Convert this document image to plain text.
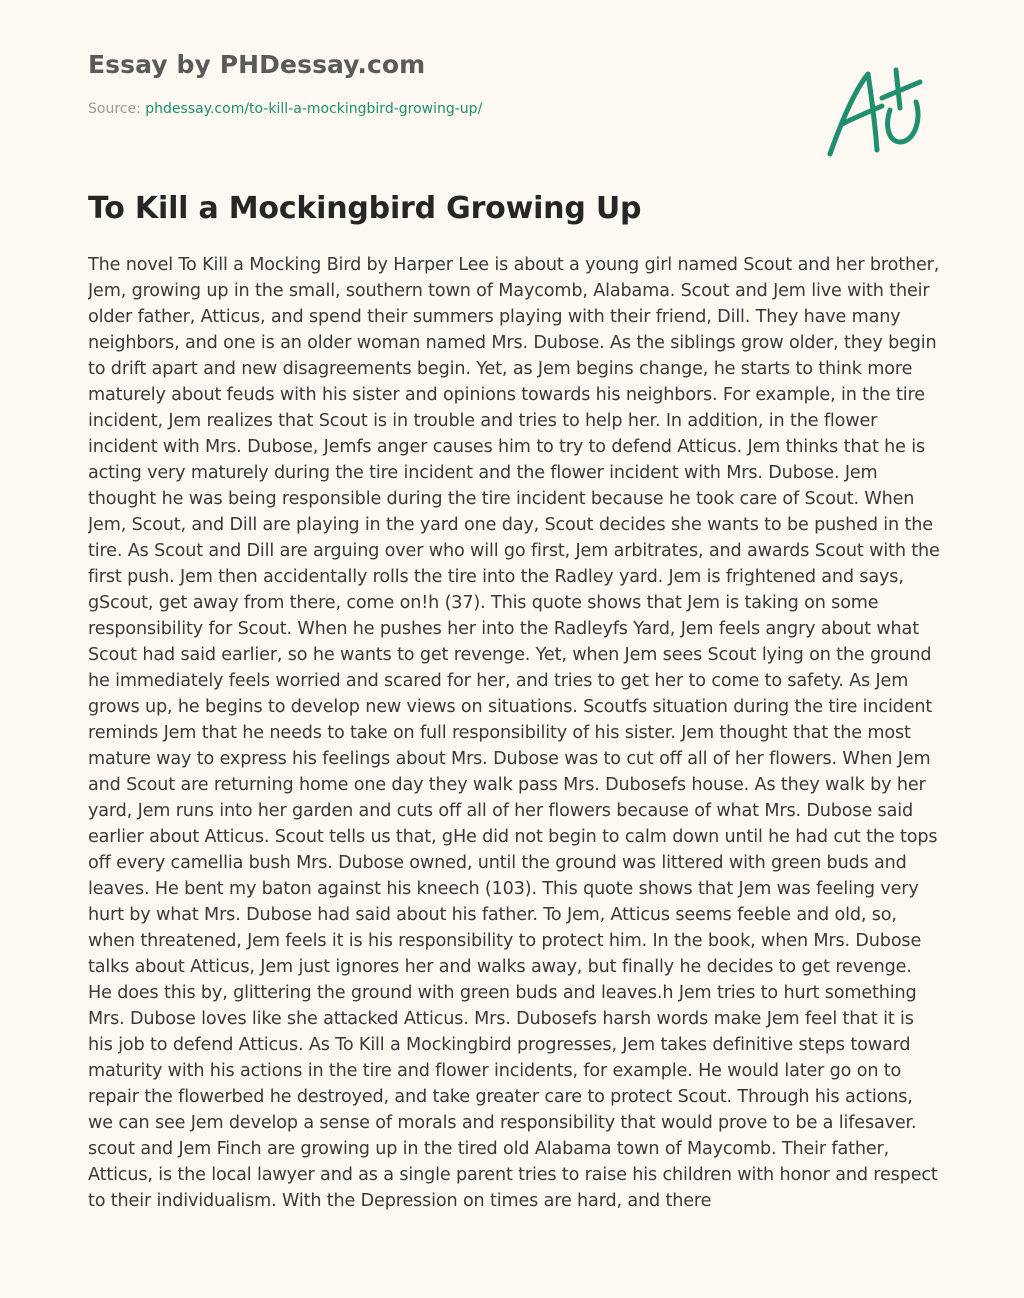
Essay by PHDessay.com
Source: phdessay.com/to-kill-a-mockingbird-growing-up/
To Kill a Mockingbird Growing Up

The novel To Kill a Mocking Bird by Harper Lee is about a young girl named Scout and her brother, Jem, growing up in the small, southern town of Maycomb, Alabama. Scout and Jem live with their older father, Atticus, and spend their summers playing with their friend, Dill. They have many neighbors, and one is an older woman named Mrs. Dubose. As the siblings grow older, they begin to drift apart and new disagreements begin. Yet, as Jem begins change, he starts to think more maturely about feuds with his sister and opinions towards his neighbors. For example, in the tire incident, Jem realizes that Scout is in trouble and tries to help her. In addition, in the flower incident with Mrs. Dubose, Jemfs anger causes him to try to defend Atticus. Jem thinks that he is acting very maturely during the tire incident and the flower incident with Mrs. Dubose. Jem thought he was being responsible during the tire incident because he took care of Scout. When Jem, Scout, and Dill are playing in the yard one day, Scout decides she wants to be pushed in the tire. As Scout and Dill are arguing over who will go first, Jem arbitrates, and awards Scout with the first push. Jem then accidentally rolls the tire into the Radley yard. Jem is frightened and says, gScout, get away from there, come on!h (37). This quote shows that Jem is taking on some responsibility for Scout. When he pushes her into the Radleyfs Yard, Jem feels angry about what Scout had said earlier, so he wants to get revenge. Yet, when Jem sees Scout lying on the ground he immediately feels worried and scared for her, and tries to get her to come to safety. As Jem grows up, he begins to develop new views on situations. Scoutfs situation during the tire incident reminds Jem that he needs to take on full responsibility of his sister. Jem thought that the most mature way to express his feelings about Mrs. Dubose was to cut off all of her flowers. When Jem and Scout are returning home one day they walk pass Mrs. Dubosefs house. As they walk by her yard, Jem runs into her garden and cuts off all of her flowers because of what Mrs. Dubose said earlier about Atticus. Scout tells us that, gHe did not begin to calm down until he had cut the tops off every camellia bush Mrs. Dubose owned, until the ground was littered with green buds and leaves. He bent my baton against his kneech (103). This quote shows that Jem was feeling very hurt by what Mrs. Dubose had said about his father. To Jem, Atticus seems feeble and old, so, when threatened, Jem feels it is his responsibility to protect him. In the book, when Mrs. Dubose talks about Atticus, Jem just ignores her and walks away, but finally he decides to get revenge. He does this by, glittering the ground with green buds and leaves.h Jem tries to hurt something Mrs. Dubose loves like she attacked Atticus. Mrs. Dubosefs harsh words make Jem feel that it is his job to defend Atticus. As To Kill a Mockingbird progresses, Jem takes definitive steps toward maturity with his actions in the tire and flower incidents, for example. He would later go on to repair the flowerbed he destroyed, and take greater care to protect Scout. Through his actions, we can see Jem develop a sense of morals and responsibility that would prove to be a lifesaver. scout and Jem Finch are growing up in the tired old Alabama town of Maycomb. Their father, Atticus, is the local lawyer and as a single parent tries to raise his children with honor and respect to their individualism. With the Depression on times are hard, and there
